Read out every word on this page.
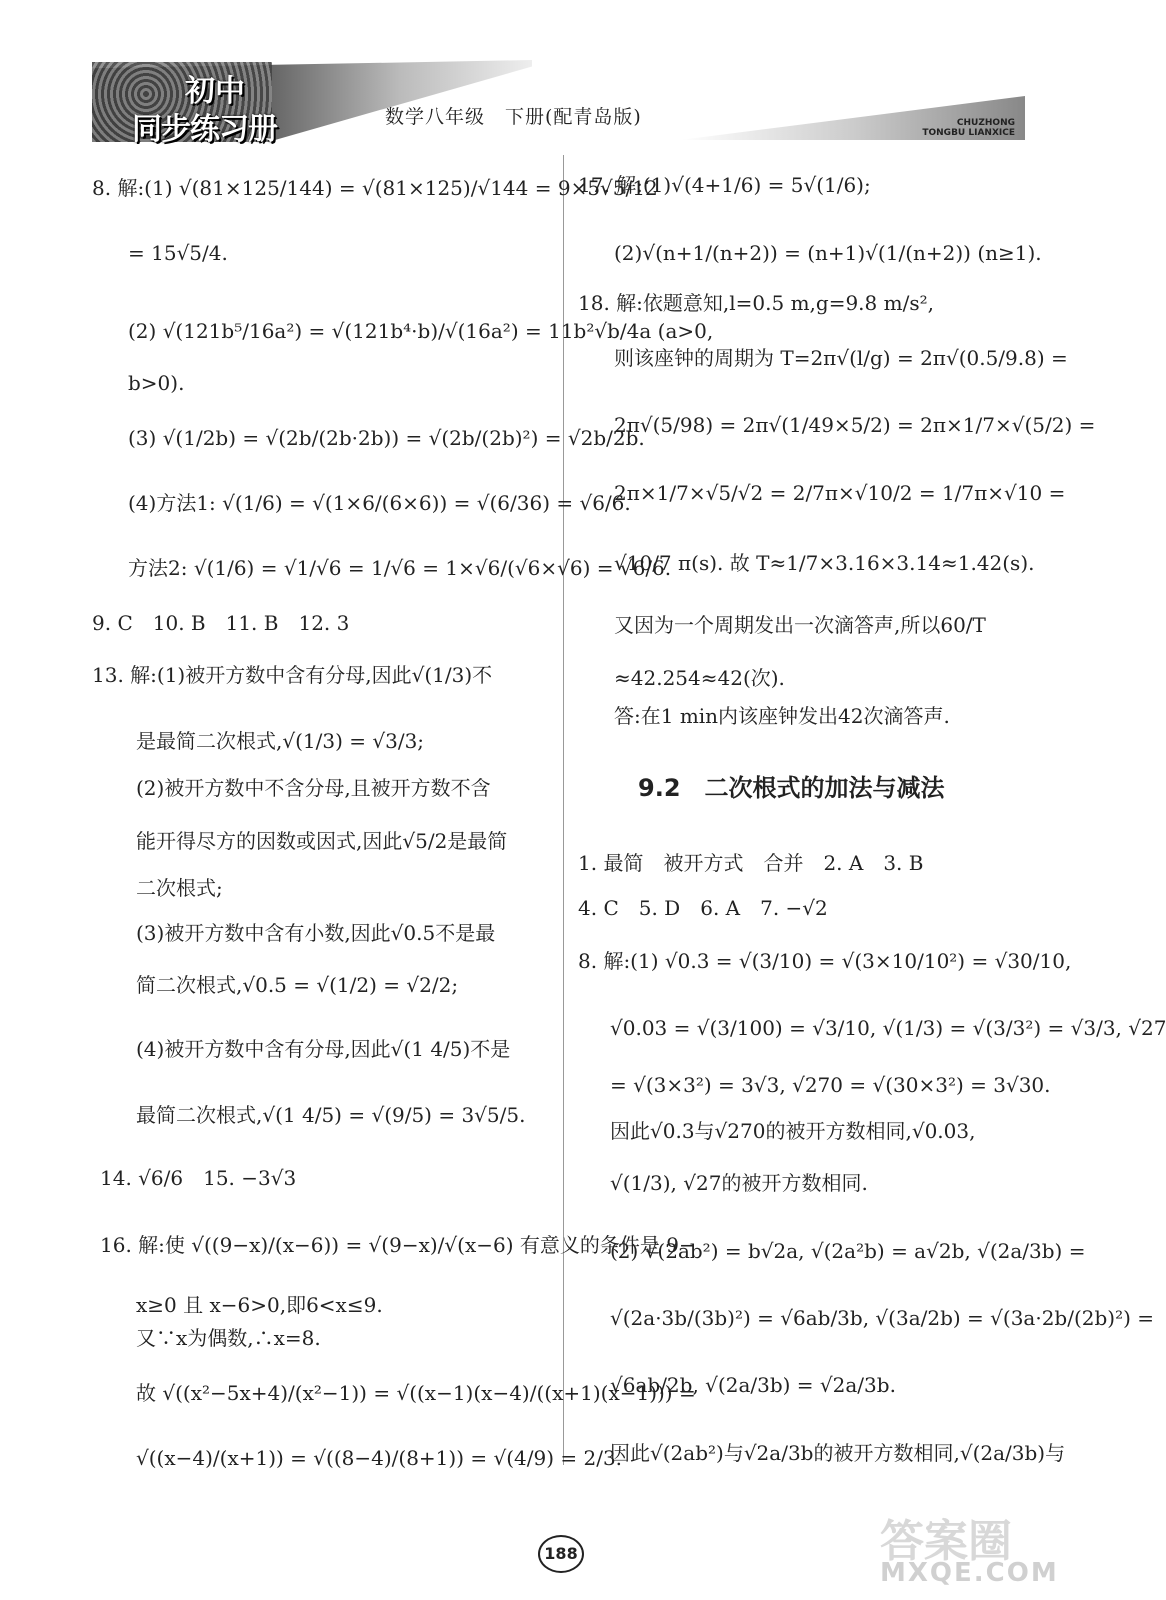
初中
同步练习册	数学八年级　下册(配青岛版)	CHUZHONG
TONGBU LIANXICE
8. 解:(1) √(81×125/144) = √(81×125)/√144 = 9×5√5/12
= 15√5/4.
(2) √(121b⁵/16a²) = √(121b⁴·b)/√(16a²) = 11b²√b/4a (a>0,
b>0).
(3) √(1/2b) = √(2b/(2b·2b)) = √(2b/(2b)²) = √2b/2b.
(4)方法1: √(1/6) = √(1×6/(6×6)) = √(6/36) = √6/6.
方法2: √(1/6) = √1/√6 = 1/√6 = 1×√6/(√6×√6) = √6/6.
9. C　10. B　11. B　12. 3
13. 解:(1)被开方数中含有分母,因此√(1/3)不
是最简二次根式,√(1/3) = √3/3;
(2)被开方数中不含分母,且被开方数不含
能开得尽方的因数或因式,因此√5/2是最简
二次根式;
(3)被开方数中含有小数,因此√0.5不是最
简二次根式,√0.5 = √(1/2) = √2/2;
(4)被开方数中含有分母,因此√(1 4/5)不是
最简二次根式,√(1 4/5) = √(9/5) = 3√5/5.
14. √6/6　15. −3√3
16. 解:使 √((9−x)/(x−6)) = √(9−x)/√(x−6) 有意义的条件是 9−
x≥0 且 x−6>0,即6<x≤9.
又∵x为偶数,∴x=8.
故 √((x²−5x+4)/(x²−1)) = √((x−1)(x−4)/((x+1)(x−1))) =
√((x−4)/(x+1)) = √((8−4)/(8+1)) = √(4/9) = 2/3.
17. 解:(1)√(4+1/6) = 5√(1/6);
(2)√(n+1/(n+2)) = (n+1)√(1/(n+2)) (n≥1).
18. 解:依题意知,l=0.5 m,g=9.8 m/s²,
则该座钟的周期为 T=2π√(l/g) = 2π√(0.5/9.8) =
2π√(5/98) = 2π√(1/49×5/2) = 2π×1/7×√(5/2) =
2π×1/7×√5/√2 = 2/7π×√10/2 = 1/7π×√10 =
√10/7 π(s). 故 T≈1/7×3.16×3.14≈1.42(s).
又因为一个周期发出一次滴答声,所以60/T
≈42.254≈42(次).
答:在1 min内该座钟发出42次滴答声.
9.2　二次根式的加法与减法
1. 最简　被开方式　合并　2. A　3. B
4. C　5. D　6. A　7. −√2
8. 解:(1) √0.3 = √(3/10) = √(3×10/10²) = √30/10,
√0.03 = √(3/100) = √3/10, √(1/3) = √(3/3²) = √3/3, √27
= √(3×3²) = 3√3, √270 = √(30×3²) = 3√30.
因此√0.3与√270的被开方数相同,√0.03,
√(1/3), √27的被开方数相同.
(2) √(2ab²) = b√2a, √(2a²b) = a√2b, √(2a/3b) =
√(2a·3b/(3b)²) = √6ab/3b, √(3a/2b) = √(3a·2b/(2b)²) =
√6ab/2b, √(2a/3b) = √2a/3b.
因此√(2ab²)与√2a/3b的被开方数相同,√(2a/3b)与
188	答案圈
MXQE.COM
